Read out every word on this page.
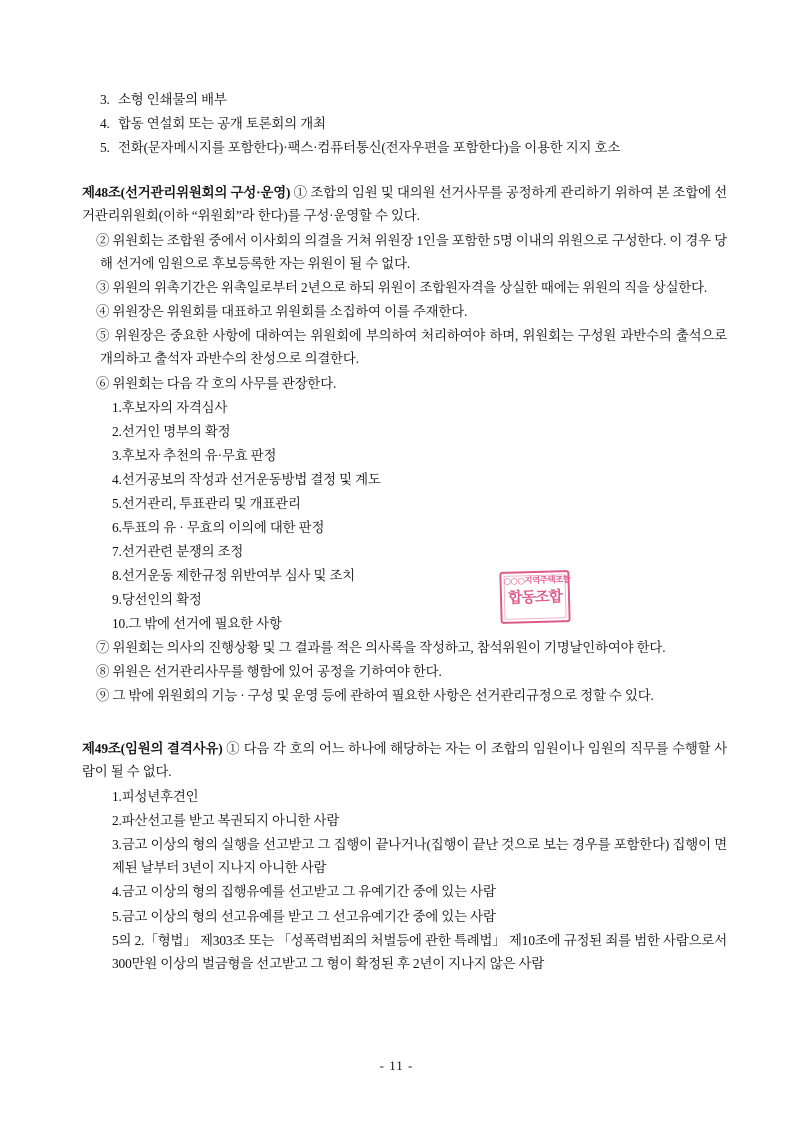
3. 소형 인쇄물의 배부
4. 합동 연설회 또는 공개 토론회의 개최
5. 전화(문자메시지를 포함한다)·팩스·컴퓨터통신(전자우편을 포함한다)을 이용한 지지 호소
제48조(선거관리위원회의 구성·운영) ① 조합의 임원 및 대의원 선거사무를 공정하게 관리하기 위하여 본 조합에 선거관리위원회(이하 “위원회”라 한다)를 구성·운영할 수 있다.
② 위원회는 조합원 중에서 이사회의 의결을 거쳐 위원장 1인을 포함한 5명 이내의 위원으로 구성한다. 이 경우 당해 선거에 임원으로 후보등록한 자는 위원이 될 수 없다.
③ 위원의 위촉기간은 위촉일로부터 2년으로 하되 위원이 조합원자격을 상실한 때에는 위원의 직을 상실한다.
④ 위원장은 위원회를 대표하고 위원회를 소집하여 이를 주재한다.
⑤ 위원장은 중요한 사항에 대하여는 위원회에 부의하여 처리하여야 하며, 위원회는 구성원 과반수의 출석으로 개의하고 출석자 과반수의 찬성으로 의결한다.
⑥ 위원회는 다음 각 호의 사무를 관장한다.
1.후보자의 자격심사
2.선거인 명부의 확정
3.후보자 추천의 유·무효 판정
4.선거공보의 작성과 선거운동방법 결정 및 계도
5.선거관리, 투표관리 및 개표관리
6.투표의 유 · 무효의 이의에 대한 판정
7.선거관련 분쟁의 조정
8.선거운동 제한규정 위반여부 심사 및 조치
9.당선인의 확정
10.그 밖에 선거에 필요한 사항
⑦ 위원회는 의사의 진행상황 및 그 결과를 적은 의사록을 작성하고, 참석위원이 기명날인하여야 한다.
⑧ 위원은 선거관리사무를 행함에 있어 공정을 기하여야 한다.
⑨ 그 밖에 위원회의 기능 · 구성 및 운영 등에 관하여 필요한 사항은 선거관리규정으로 정할 수 있다.
제49조(임원의 결격사유) ① 다음 각 호의 어느 하나에 해당하는 자는 이 조합의 임원이나 임원의 직무를 수행할 사람이 될 수 없다.
1.피성년후견인
2.파산선고를 받고 복권되지 아니한 사람
3.금고 이상의 형의 실행을 선고받고 그 집행이 끝나거나(집행이 끝난 것으로 보는 경우를 포함한다) 집행이 면제된 날부터 3년이 지나지 아니한 사람
4.금고 이상의 형의 집행유예를 선고받고 그 유예기간 중에 있는 사람
5.금고 이상의 형의 선고유예를 받고 그 선고유예기간 중에 있는 사람
5의 2.「형법」 제303조 또는 「성폭력범죄의 처벌등에 관한 특례법」 제10조에 규정된 죄를 범한 사람으로서 300만원 이상의 벌금형을 선고받고 그 형이 확정된 후 2년이 지나지 않은 사람
○○○지역주택조합
합동조합
- 11 -
